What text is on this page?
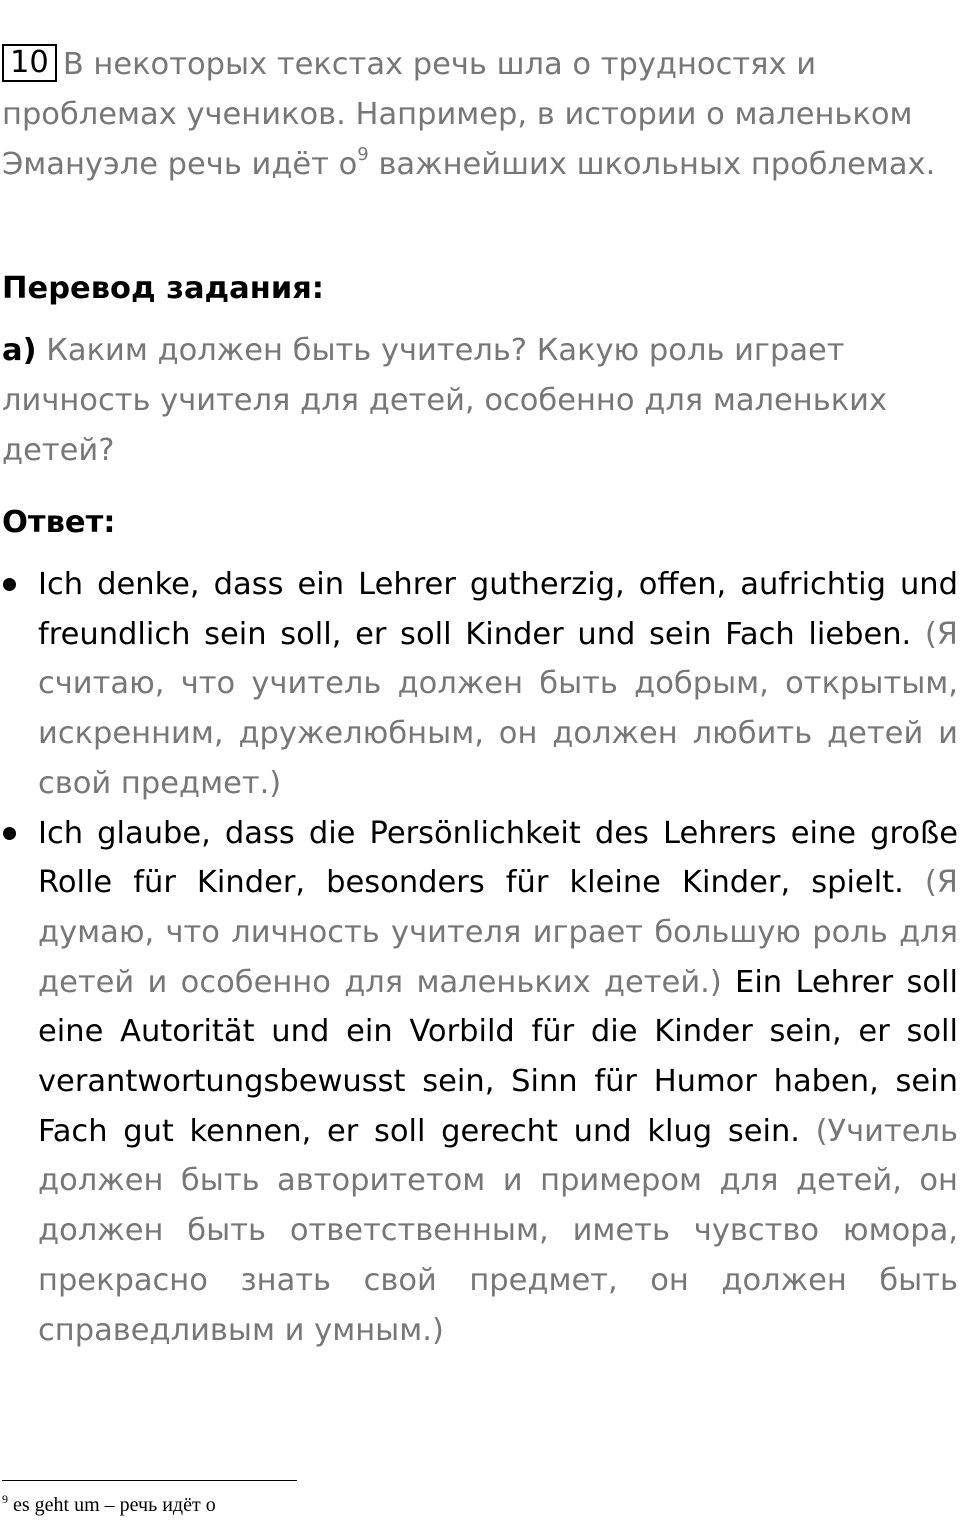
10 В некоторых текстах речь шла о трудностях и проблемах учеников. Например, в истории о маленьком Эмануэле речь идёт $о^9$ важнейших школьных проблемах.
Перевод задания:
а) Каким должен быть учитель? Какую роль играет личность учителя для детей, особенно для маленьких детей?
Ответ:
Ich denke, dass ein Lehrer gutherzig, offen, aufrichtig und freundlich sein soll, er soll Kinder und sein Fach lieben. (Я считаю, что учитель должен быть добрым, открытым, искренним, дружелюбным, он должен любить детей и свой предмет.)
Ich glaube, dass die Persönlichkeit des Lehrers eine große Rolle für Kinder, besonders für kleine Kinder, spielt. (Я думаю, что личность учителя играет большую роль для детей и особенно для маленьких детей.) Ein Lehrer soll eine Autorität und ein Vorbild für die Kinder sein, er soll verantwortungsbewusst sein, Sinn für Humor haben, sein Fach gut kennen, er soll gerecht und klug sein. (Учитель должен быть авторитетом и примером для детей, он должен быть ответственным, иметь чувство юмора, прекрасно знать свой предмет, он должен быть справедливым и умным.)
$^9$ es geht um – речь идёт о
